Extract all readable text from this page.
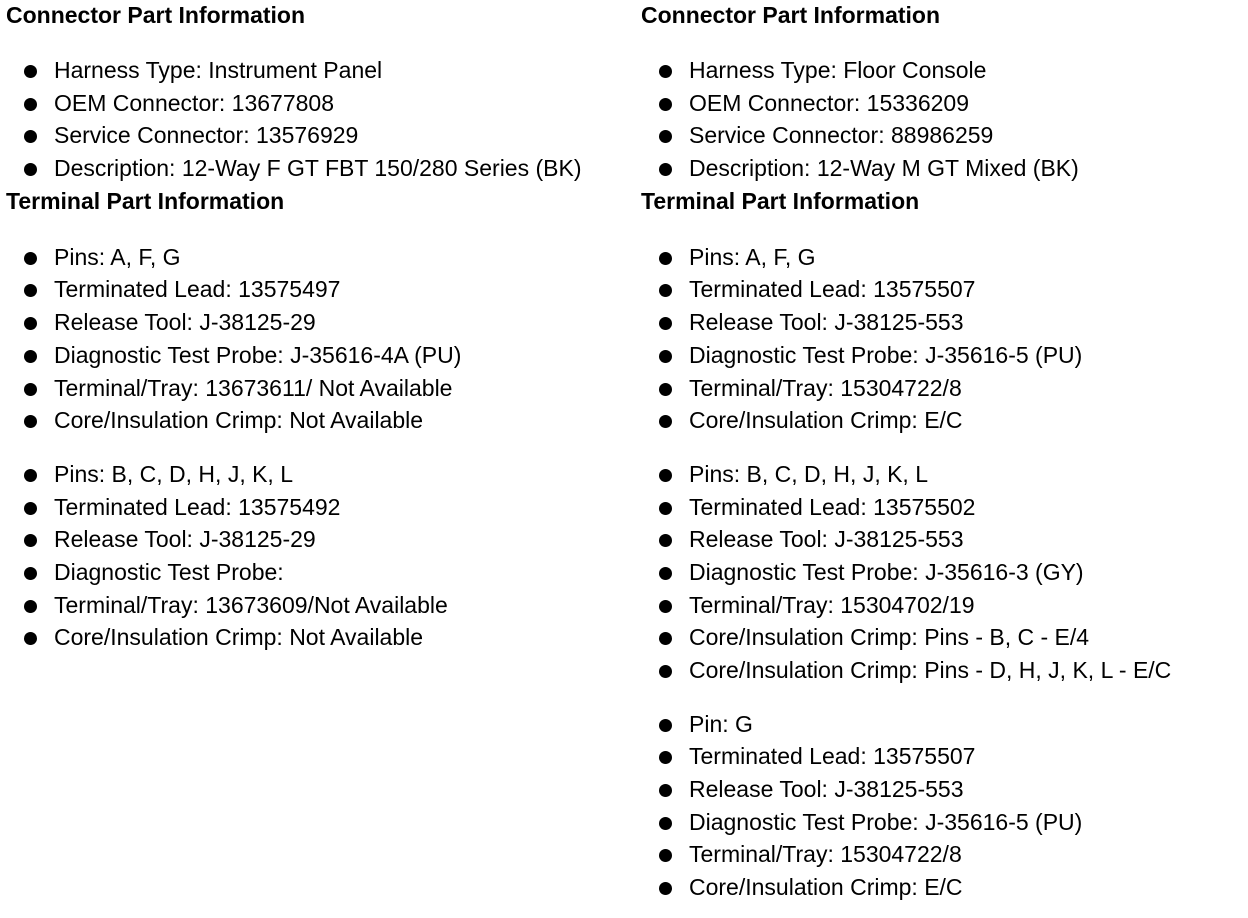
Connector Part Information
Harness Type: Instrument Panel
OEM Connector: 13677808
Service Connector: 13576929
Description: 12-Way F GT FBT 150/280 Series (BK)
Terminal Part Information
Pins: A, F, G
Terminated Lead: 13575497
Release Tool: J-38125-29
Diagnostic Test Probe: J-35616-4A (PU)
Terminal/Tray: 13673611/ Not Available
Core/Insulation Crimp: Not Available
Pins: B, C, D, H, J, K, L
Terminated Lead: 13575492
Release Tool: J-38125-29
Diagnostic Test Probe:
Terminal/Tray: 13673609/Not Available
Core/Insulation Crimp: Not Available
Connector Part Information
Harness Type: Floor Console
OEM Connector: 15336209
Service Connector: 88986259
Description: 12-Way M GT Mixed (BK)
Terminal Part Information
Pins: A, F, G
Terminated Lead: 13575507
Release Tool: J-38125-553
Diagnostic Test Probe: J-35616-5 (PU)
Terminal/Tray: 15304722/8
Core/Insulation Crimp: E/C
Pins: B, C, D, H, J, K, L
Terminated Lead: 13575502
Release Tool: J-38125-553
Diagnostic Test Probe: J-35616-3 (GY)
Terminal/Tray: 15304702/19
Core/Insulation Crimp: Pins - B, C - E/4
Core/Insulation Crimp: Pins - D, H, J, K, L - E/C
Pin: G
Terminated Lead: 13575507
Release Tool: J-38125-553
Diagnostic Test Probe: J-35616-5 (PU)
Terminal/Tray: 15304722/8
Core/Insulation Crimp: E/C
